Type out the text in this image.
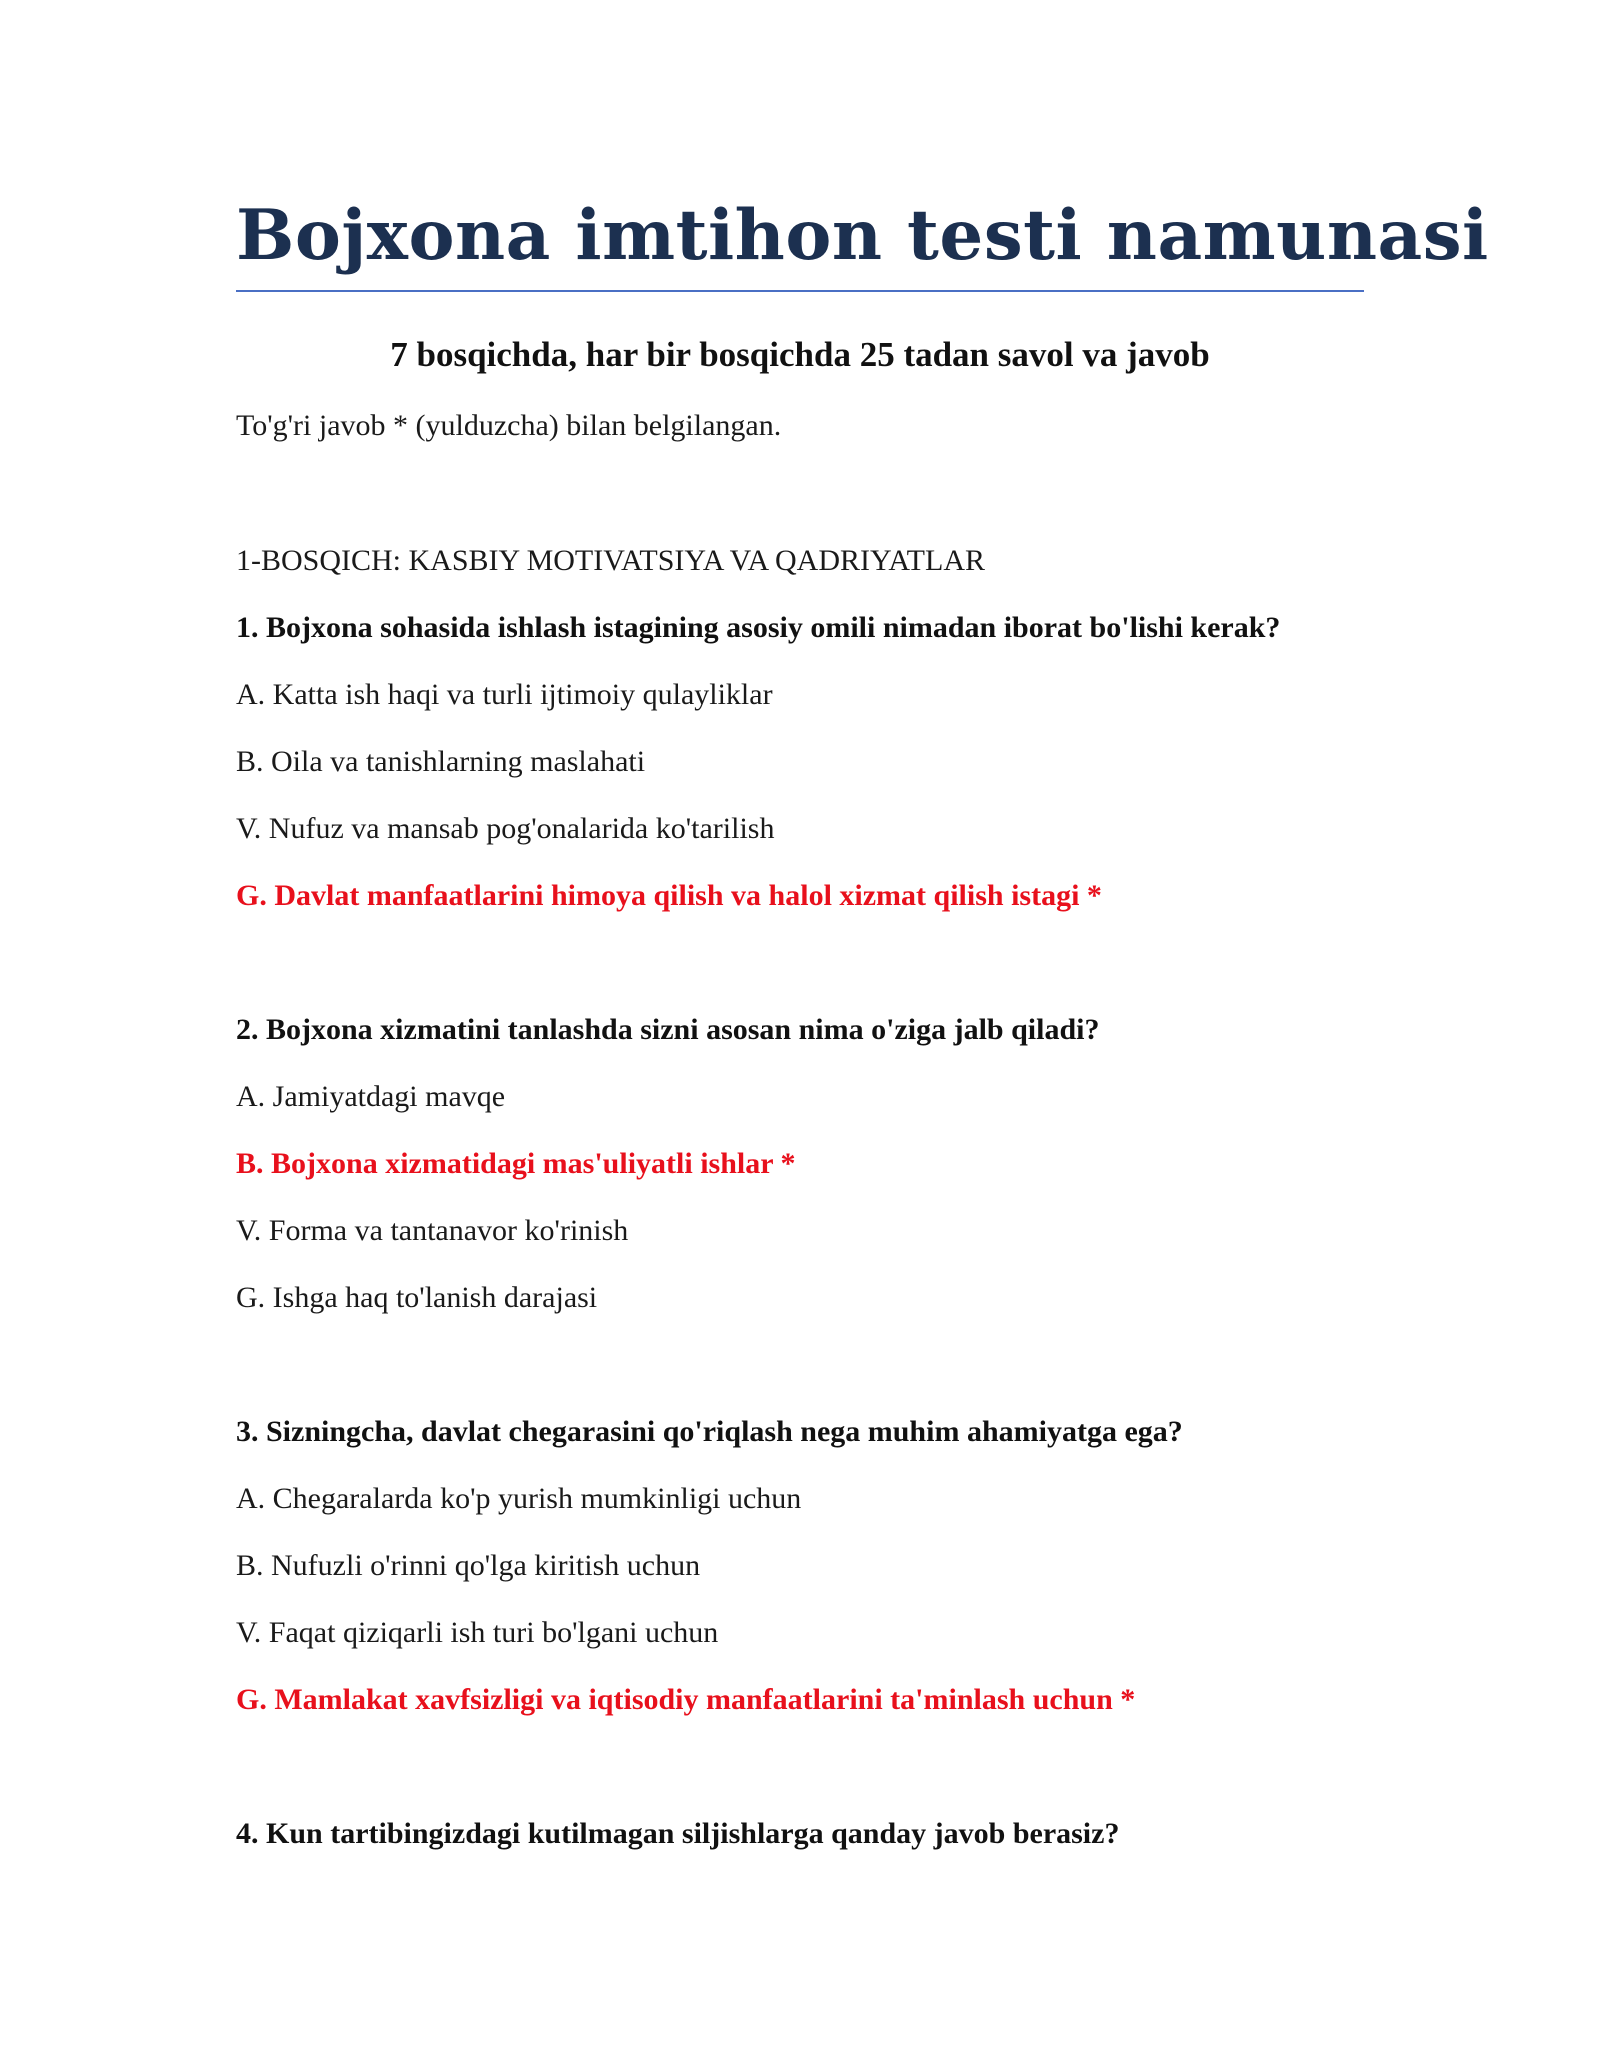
Bojxona imtihon testi namunasi

7 bosqichda, har bir bosqichda 25 tadan savol va javob

To'g'ri javob * (yulduzcha) bilan belgilangan.

1-BOSQICH: KASBIY MOTIVATSIYA VA QADRIYATLAR

1. Bojxona sohasida ishlash istagining asosiy omili nimadan iborat bo'lishi kerak?

A. Katta ish haqi va turli ijtimoiy qulayliklar

B. Oila va tanishlarning maslahati

V. Nufuz va mansab pog'onalarida ko'tarilish

G. Davlat manfaatlarini himoya qilish va halol xizmat qilish istagi *

2. Bojxona xizmatini tanlashda sizni asosan nima o'ziga jalb qiladi?

A. Jamiyatdagi mavqe

B. Bojxona xizmatidagi mas'uliyatli ishlar *

V. Forma va tantanavor ko'rinish

G. Ishga haq to'lanish darajasi

3. Sizningcha, davlat chegarasini qo'riqlash nega muhim ahamiyatga ega?

A. Chegaralarda ko'p yurish mumkinligi uchun

B. Nufuzli o'rinni qo'lga kiritish uchun

V. Faqat qiziqarli ish turi bo'lgani uchun

G. Mamlakat xavfsizligi va iqtisodiy manfaatlarini ta'minlash uchun *

4. Kun tartibingizdagi kutilmagan siljishlarga qanday javob berasiz?
